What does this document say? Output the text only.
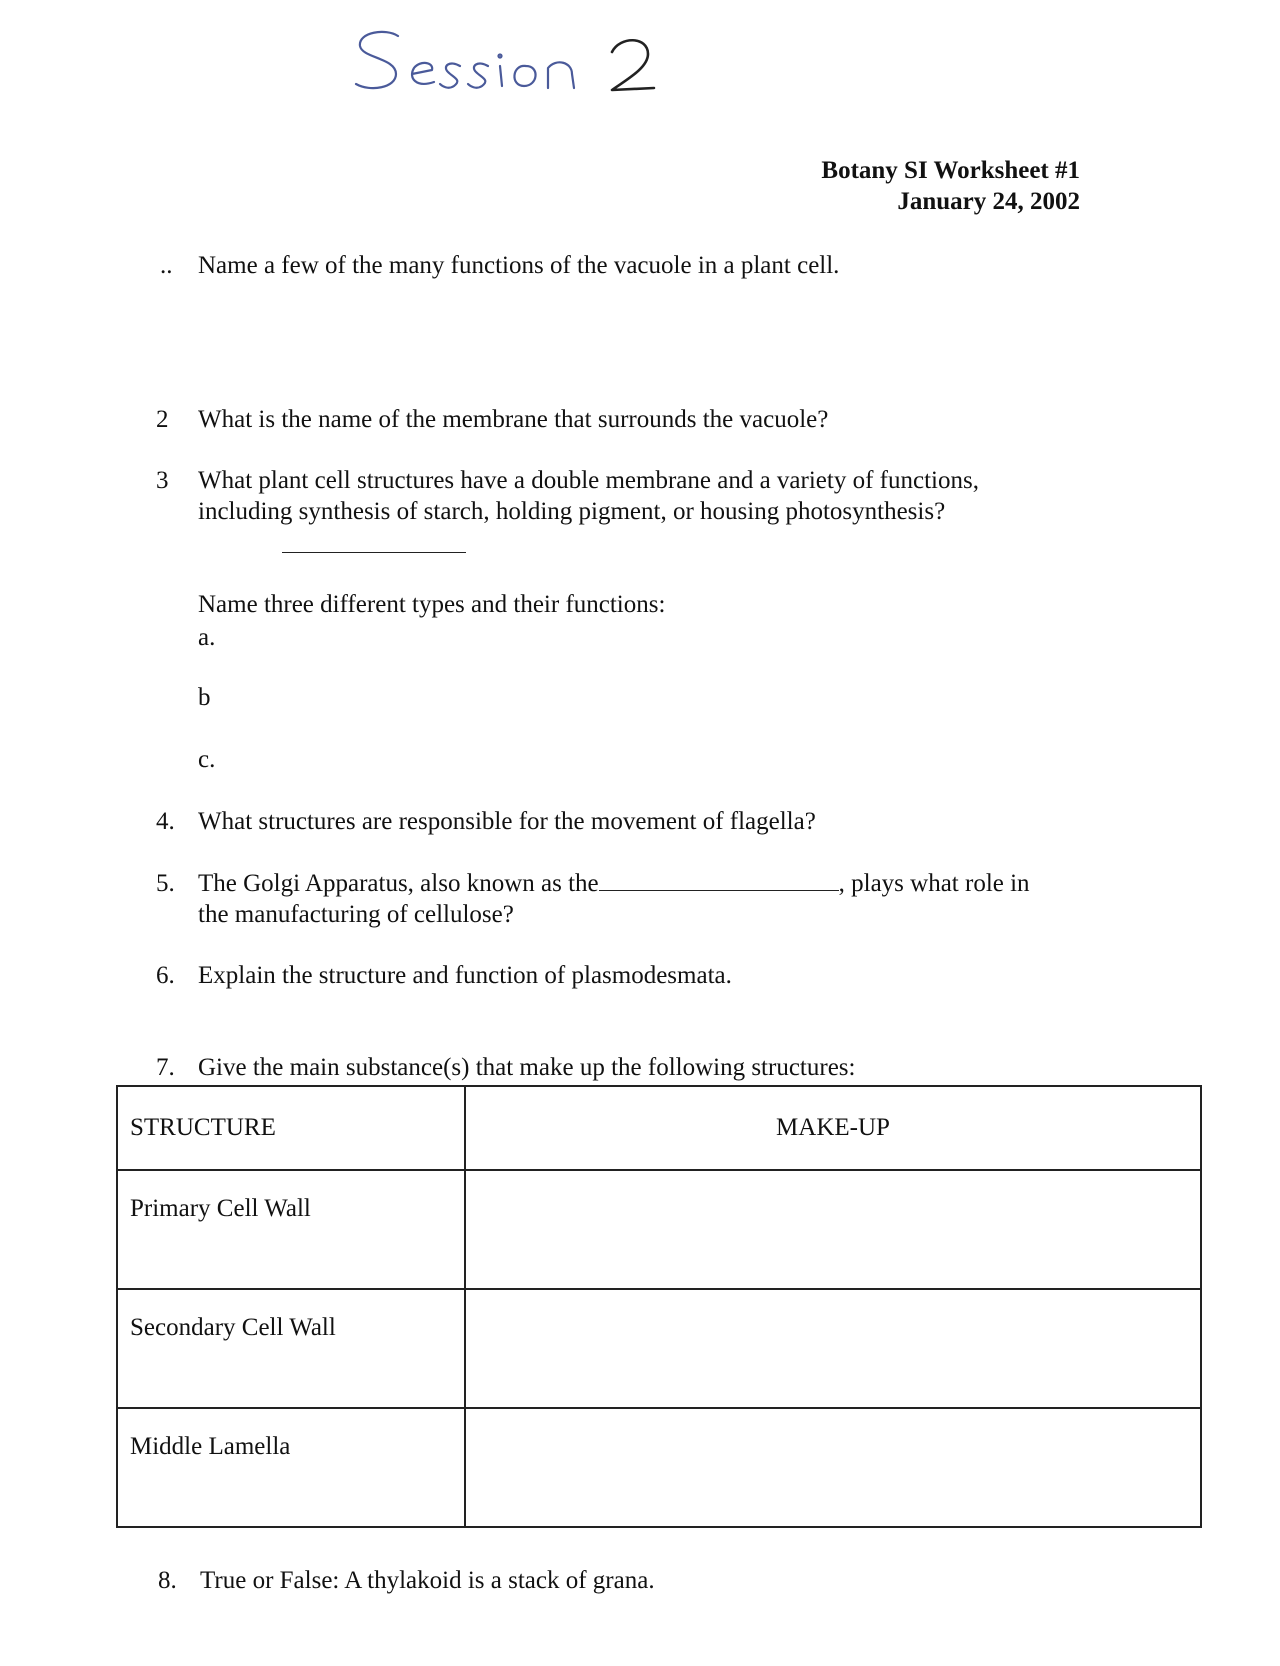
Botany SI Worksheet #1
January 24, 2002
..	Name a few of the many functions of the vacuole in a plant cell.
2	What is the name of the membrane that surrounds the vacuole?
3	What plant cell structures have a double membrane and a variety of functions,
including synthesis of starch, holding pigment, or housing photosynthesis?
Name three different types and their functions:
a.
b
c.
4. What structures are responsible for the movement of flagella?
5. The Golgi Apparatus, also known as the	, plays what role in
the manufacturing of cellulose?
6. Explain the structure and function of plasmodesmata.
7. Give the main substance(s) that make up the following structures:
STRUCTURE	MAKE-UP

Primary Cell Wall	

Secondary Cell Wall	

Middle Lamella	

8. True or False: A thylakoid is a stack of grana.
